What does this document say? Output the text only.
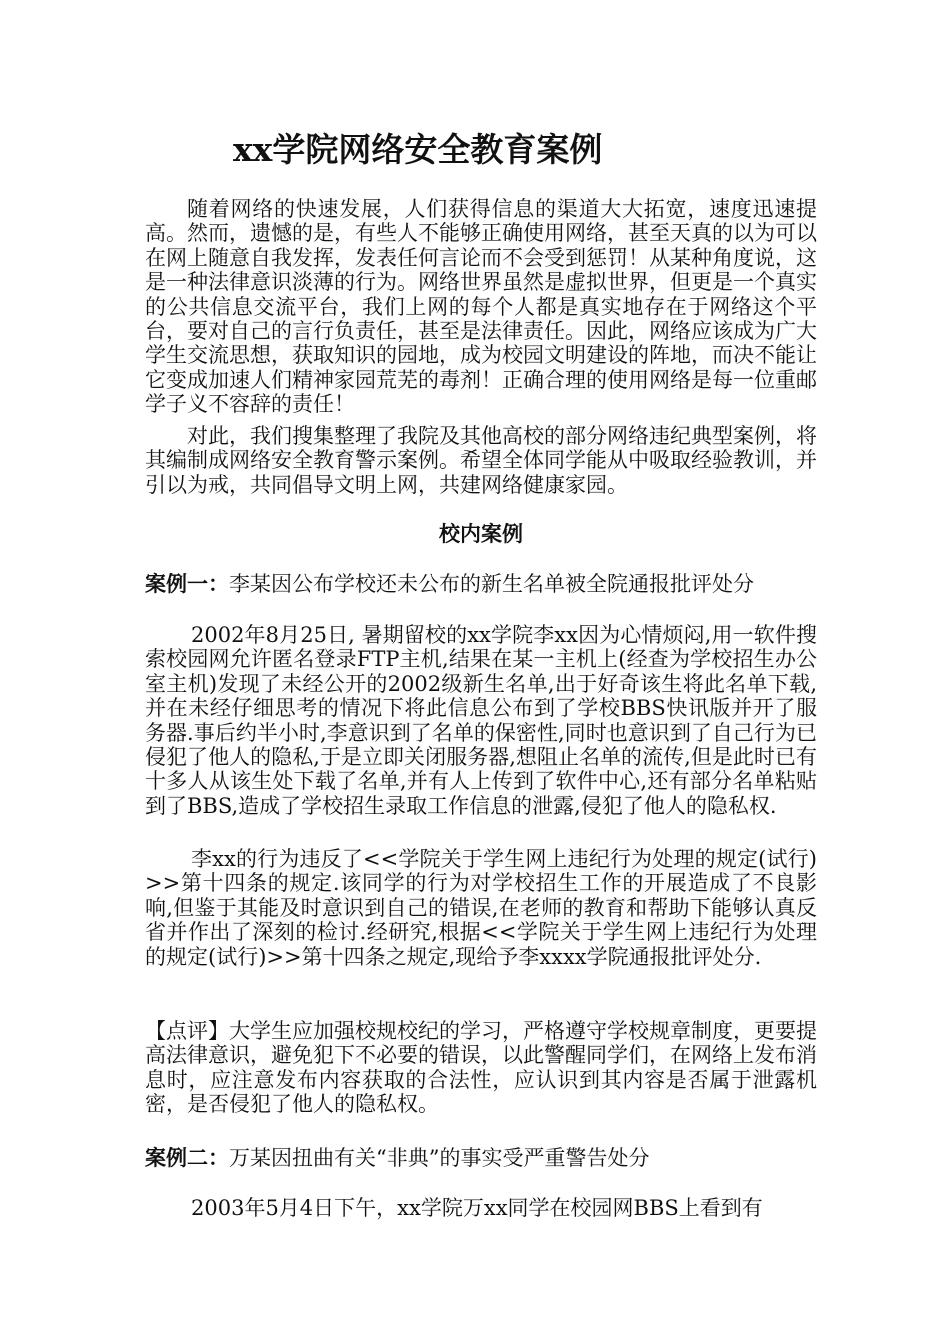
xx学院网络安全教育案例

随着网络的快速发展，人们获得信息的渠道大大拓宽，速度迅速提高。然而，遗憾的是，有些人不能够正确使用网络，甚至天真的以为可以在网上随意自我发挥，发表任何言论而不会受到惩罚！从某种角度说，这是一种法律意识淡薄的行为。网络世界虽然是虚拟世界，但更是一个真实的公共信息交流平台，我们上网的每个人都是真实地存在于网络这个平台，要对自己的言行负责任，甚至是法律责任。因此，网络应该成为广大学生交流思想，获取知识的园地，成为校园文明建设的阵地，而决不能让它变成加速人们精神家园荒芜的毒剂！正确合理的使用网络是每一位重邮学子义不容辞的责任！

对此，我们搜集整理了我院及其他高校的部分网络违纪典型案例，将其编制成网络安全教育警示案例。希望全体同学能从中吸取经验教训，并引以为戒，共同倡导文明上网，共建网络健康家园。

校内案例
案例一：李某因公布学校还未公布的新生名单被全院通报批评处分

2002年8月25日, 暑期留校的xx学院李xx因为心情烦闷,用一软件搜索校园网允许匿名登录FTP主机,结果在某一主机上(经查为学校招生办公室主机)发现了未经公开的2002级新生名单,出于好奇该生将此名单下载,并在未经仔细思考的情况下将此信息公布到了学校BBS快讯版并开了服务器.事后约半小时,李意识到了名单的保密性,同时也意识到了自己行为已侵犯了他人的隐私,于是立即关闭服务器,想阻止名单的流传,但是此时已有十多人从该生处下载了名单,并有人上传到了软件中心,还有部分名单粘贴到了BBS,造成了学校招生录取工作信息的泄露,侵犯了他人的隐私权.

李xx的行为违反了<<学院关于学生网上违纪行为处理的规定(试行)>>第十四条的规定.该同学的行为对学校招生工作的开展造成了不良影响,但鉴于其能及时意识到自己的错误,在老师的教育和帮助下能够认真反省并作出了深刻的检讨.经研究,根据<<学院关于学生网上违纪行为处理的规定(试行)>>第十四条之规定,现给予李xxxx学院通报批评处分.

【点评】大学生应加强校规校纪的学习，严格遵守学校规章制度，更要提高法律意识，避免犯下不必要的错误，以此警醒同学们，在网络上发布消息时，应注意发布内容获取的合法性，应认识到其内容是否属于泄露机密，是否侵犯了他人的隐私权。

案例二：万某因扭曲有关“非典”的事实受严重警告处分

2003年5月4日下午，xx学院万xx同学在校园网BBS上看到有
